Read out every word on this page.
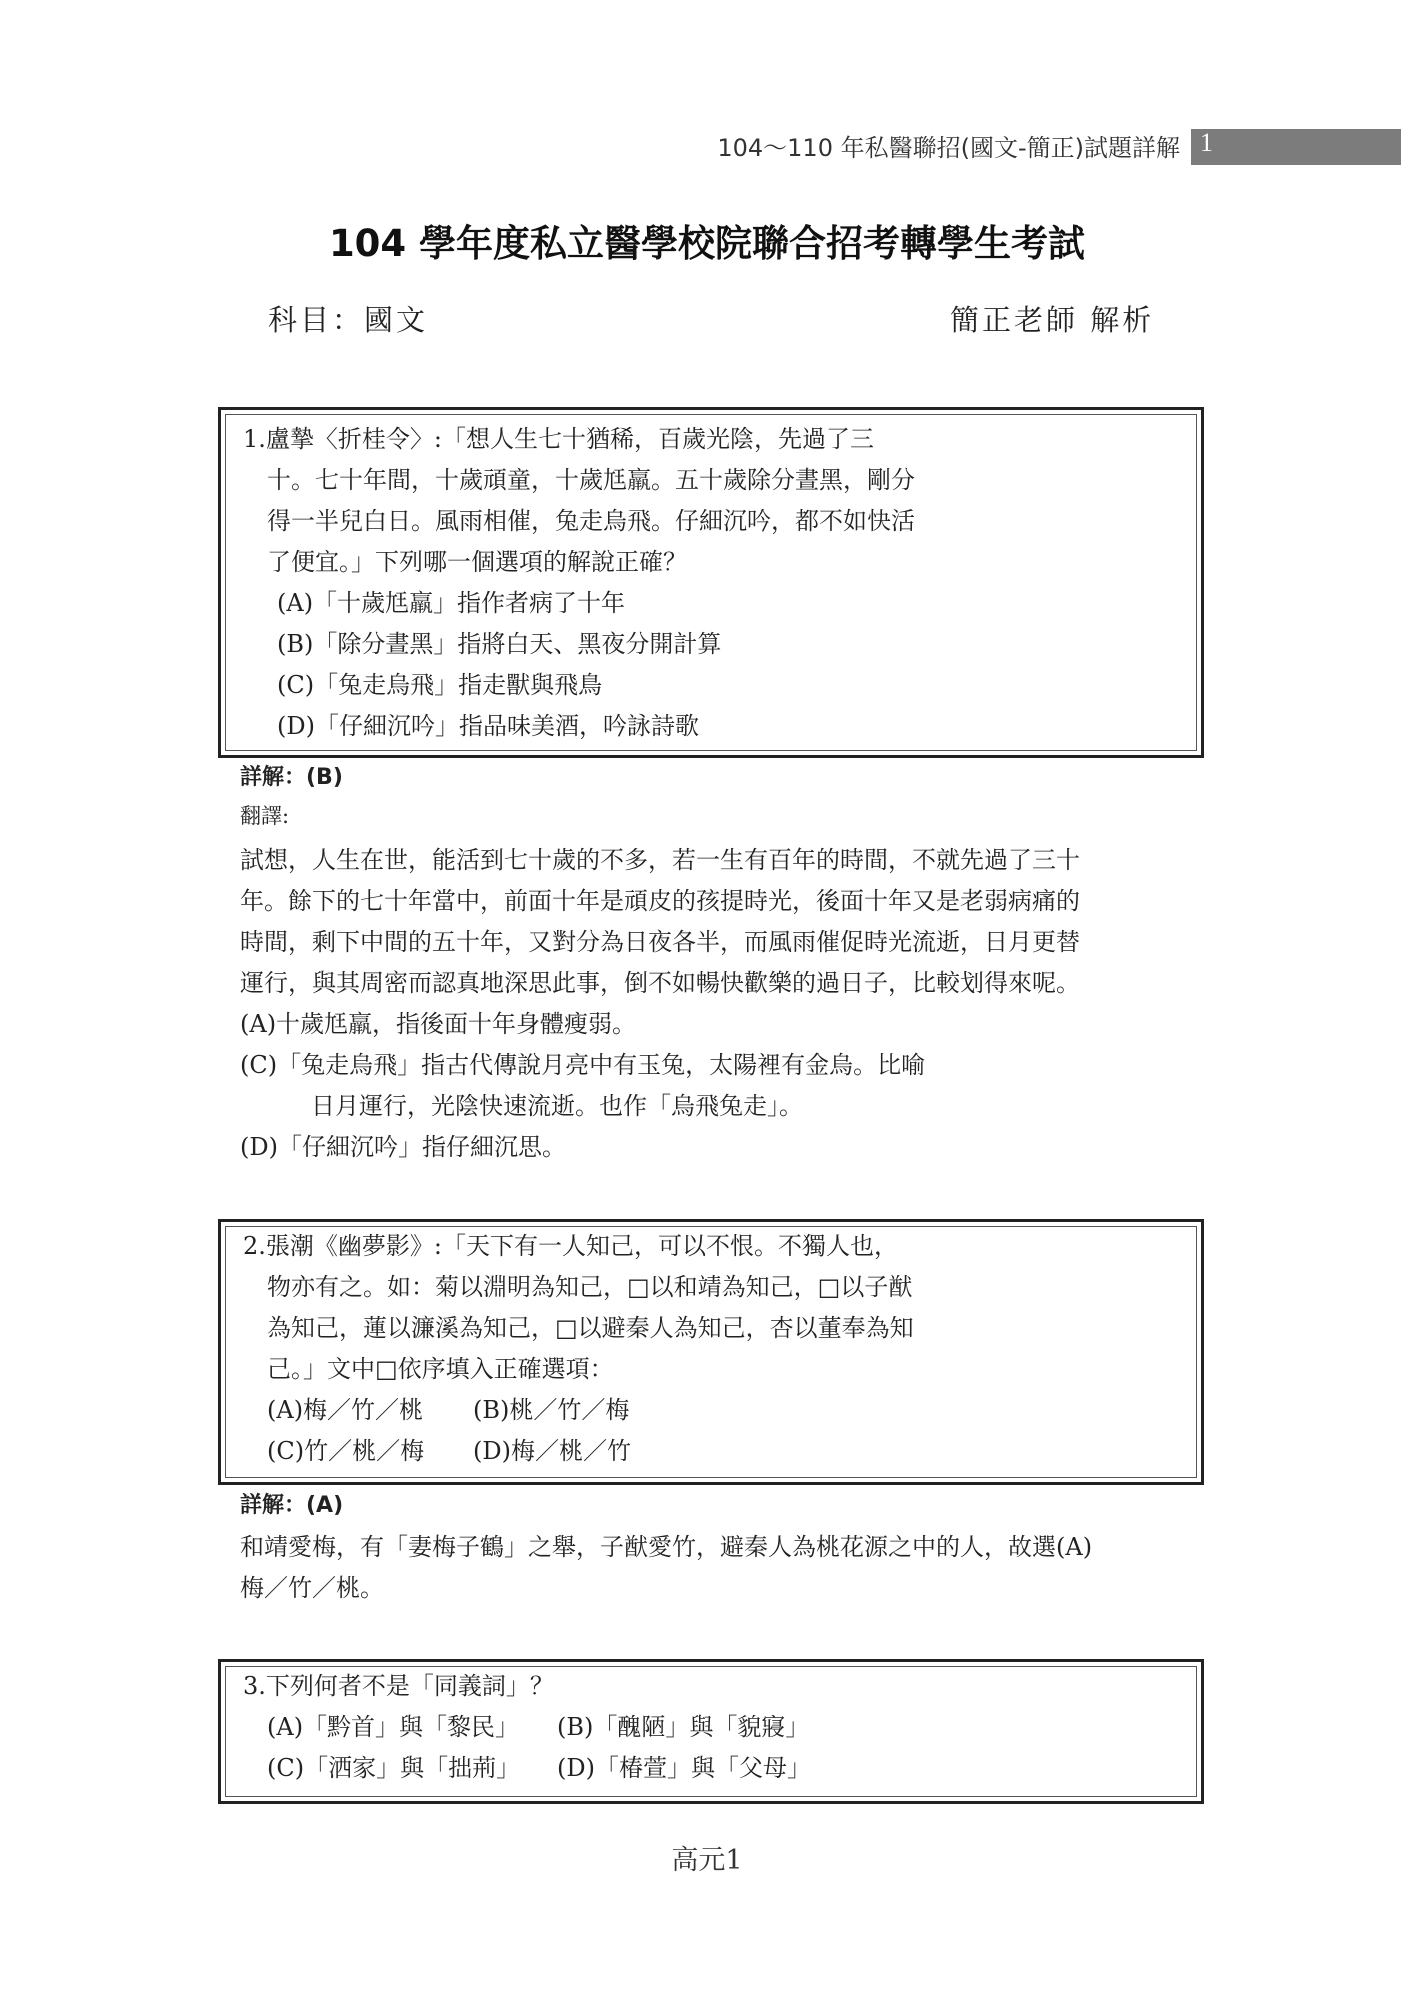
104～110 年私醫聯招(國文-簡正)試題詳解 1
104 學年度私立醫學校院聯合招考轉學生考試
科目：國文	簡正老師 解析
1.盧摯〈折桂令〉:「想人生七十猶稀，百歲光陰，先過了三
十。七十年間，十歲頑童，十歲尪羸。五十歲除分晝黑，剛分
得一半兒白日。風雨相催，兔走烏飛。仔細沉吟，都不如快活
了便宜。」下列哪一個選項的解說正確？
(A)「十歲尪羸」指作者病了十年
(B)「除分晝黑」指將白天、黑夜分開計算
(C)「兔走烏飛」指走獸與飛鳥
(D)「仔細沉吟」指品味美酒，吟詠詩歌
詳解：(B)
翻譯:
試想，人生在世，能活到七十歲的不多，若一生有百年的時間，不就先過了三十
年。餘下的七十年當中，前面十年是頑皮的孩提時光，後面十年又是老弱病痛的
時間，剩下中間的五十年，又對分為日夜各半，而風雨催促時光流逝，日月更替
運行，與其周密而認真地深思此事，倒不如暢快歡樂的過日子，比較划得來呢。
(A)十歲尪羸，指後面十年身體瘦弱。
(C)「兔走烏飛」指古代傳說月亮中有玉兔，太陽裡有金烏。比喻
日月運行，光陰快速流逝。也作「烏飛兔走」。
(D)「仔細沉吟」指仔細沉思。
2.張潮《幽夢影》:「天下有一人知己，可以不恨。不獨人也，
物亦有之。如：菊以淵明為知己，□以和靖為知己，□以子猷
為知己，蓮以濂溪為知己，□以避秦人為知己，杏以董奉為知
己。」文中□依序填入正確選項：
(A)梅／竹／桃 (B)桃／竹／梅
(C)竹／桃／梅 (D)梅／桃／竹
詳解：(A)
和靖愛梅，有「妻梅子鶴」之舉，子猷愛竹，避秦人為桃花源之中的人，故選(A)
梅／竹／桃。
3.下列何者不是「同義詞」？
(A)「黔首」與「黎民」 (B)「醜陋」與「貌寢」
(C)「洒家」與「拙荊」 (D)「椿萱」與「父母」
高元1
